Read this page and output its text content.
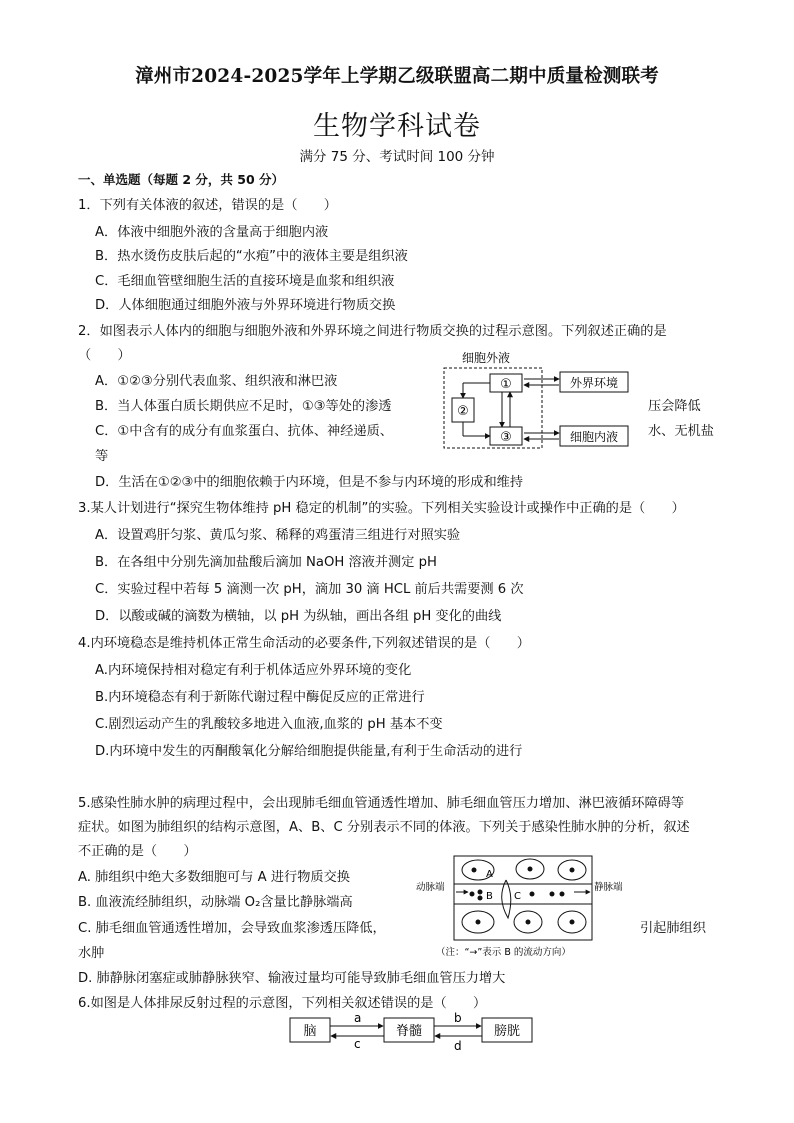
漳州市2024-2025学年上学期乙级联盟高二期中质量检测联考
生物学科试卷
满分 75 分、考试时间 100 分钟
一、单选题（每题 2 分，共 50 分）
1．下列有关体液的叙述，错误的是（　　）
A．体液中细胞外液的含量高于细胞内液
B．热水烫伤皮肤后起的“水疱”中的液体主要是组织液
C．毛细血管壁细胞生活的直接环境是血浆和组织液
D．人体细胞通过细胞外液与外界环境进行物质交换
2．如图表示人体内的细胞与细胞外液和外界环境之间进行物质交换的过程示意图。下列叙述正确的是
（　　）
A．①②③分别代表血浆、组织液和淋巴液
B．当人体蛋白质长期供应不足时，①③等处的渗透	压会降低
C．①中含有的成分有血浆蛋白、抗体、神经递质、	水、无机盐
等
D．生活在①②③中的细胞依赖于内环境，但是不参与内环境的形成和维持
细胞外液
①
②
③
外界环境
细胞内液
3.某人计划进行“探究生物体维持 pH 稳定的机制”的实验。下列相关实验设计或操作中正确的是（　　）
A．设置鸡肝匀浆、黄瓜匀浆、稀释的鸡蛋清三组进行对照实验
B．在各组中分别先滴加盐酸后滴加 NaOH 溶液并测定 pH
C．实验过程中若每 5 滴测一次 pH，滴加 30 滴 HCL 前后共需要测 6 次
D．以酸或碱的滴数为横轴，以 pH 为纵轴，画出各组 pH 变化的曲线
4.内环境稳态是维持机体正常生命活动的必要条件,下列叙述错误的是（　　）
A.内环境保持相对稳定有利于机体适应外界环境的变化
B.内环境稳态有利于新陈代谢过程中酶促反应的正常进行
C.剧烈运动产生的乳酸较多地进入血液,血浆的 pH 基本不变
D.内环境中发生的丙酮酸氧化分解给细胞提供能量,有利于生命活动的进行
5.感染性肺水肿的病理过程中，会出现肺毛细血管通透性增加、肺毛细血管压力增加、淋巴液循环障碍等
症状。如图为肺组织的结构示意图，A、B、C 分别表示不同的体液。下列关于感染性肺水肿的分析，叙述
不正确的是（　　）
A. 肺组织中绝大多数细胞可与 A 进行物质交换
B. 血液流经肺组织，动脉端 O₂含量比静脉端高
C. 肺毛细血管通透性增加，会导致血浆渗透压降低，	引起肺组织
水肿
D. 肺静脉闭塞症或肺静脉狭窄、输液过量均可能导致肺毛细血管压力增大
A
B C
动脉端	静脉端
（注：“→”表示 B 的流动方向）
6.如图是人体排尿反射过程的示意图，下列相关叙述错误的是（　　）
脑	脊髓	膀胱
a
c
b
d
